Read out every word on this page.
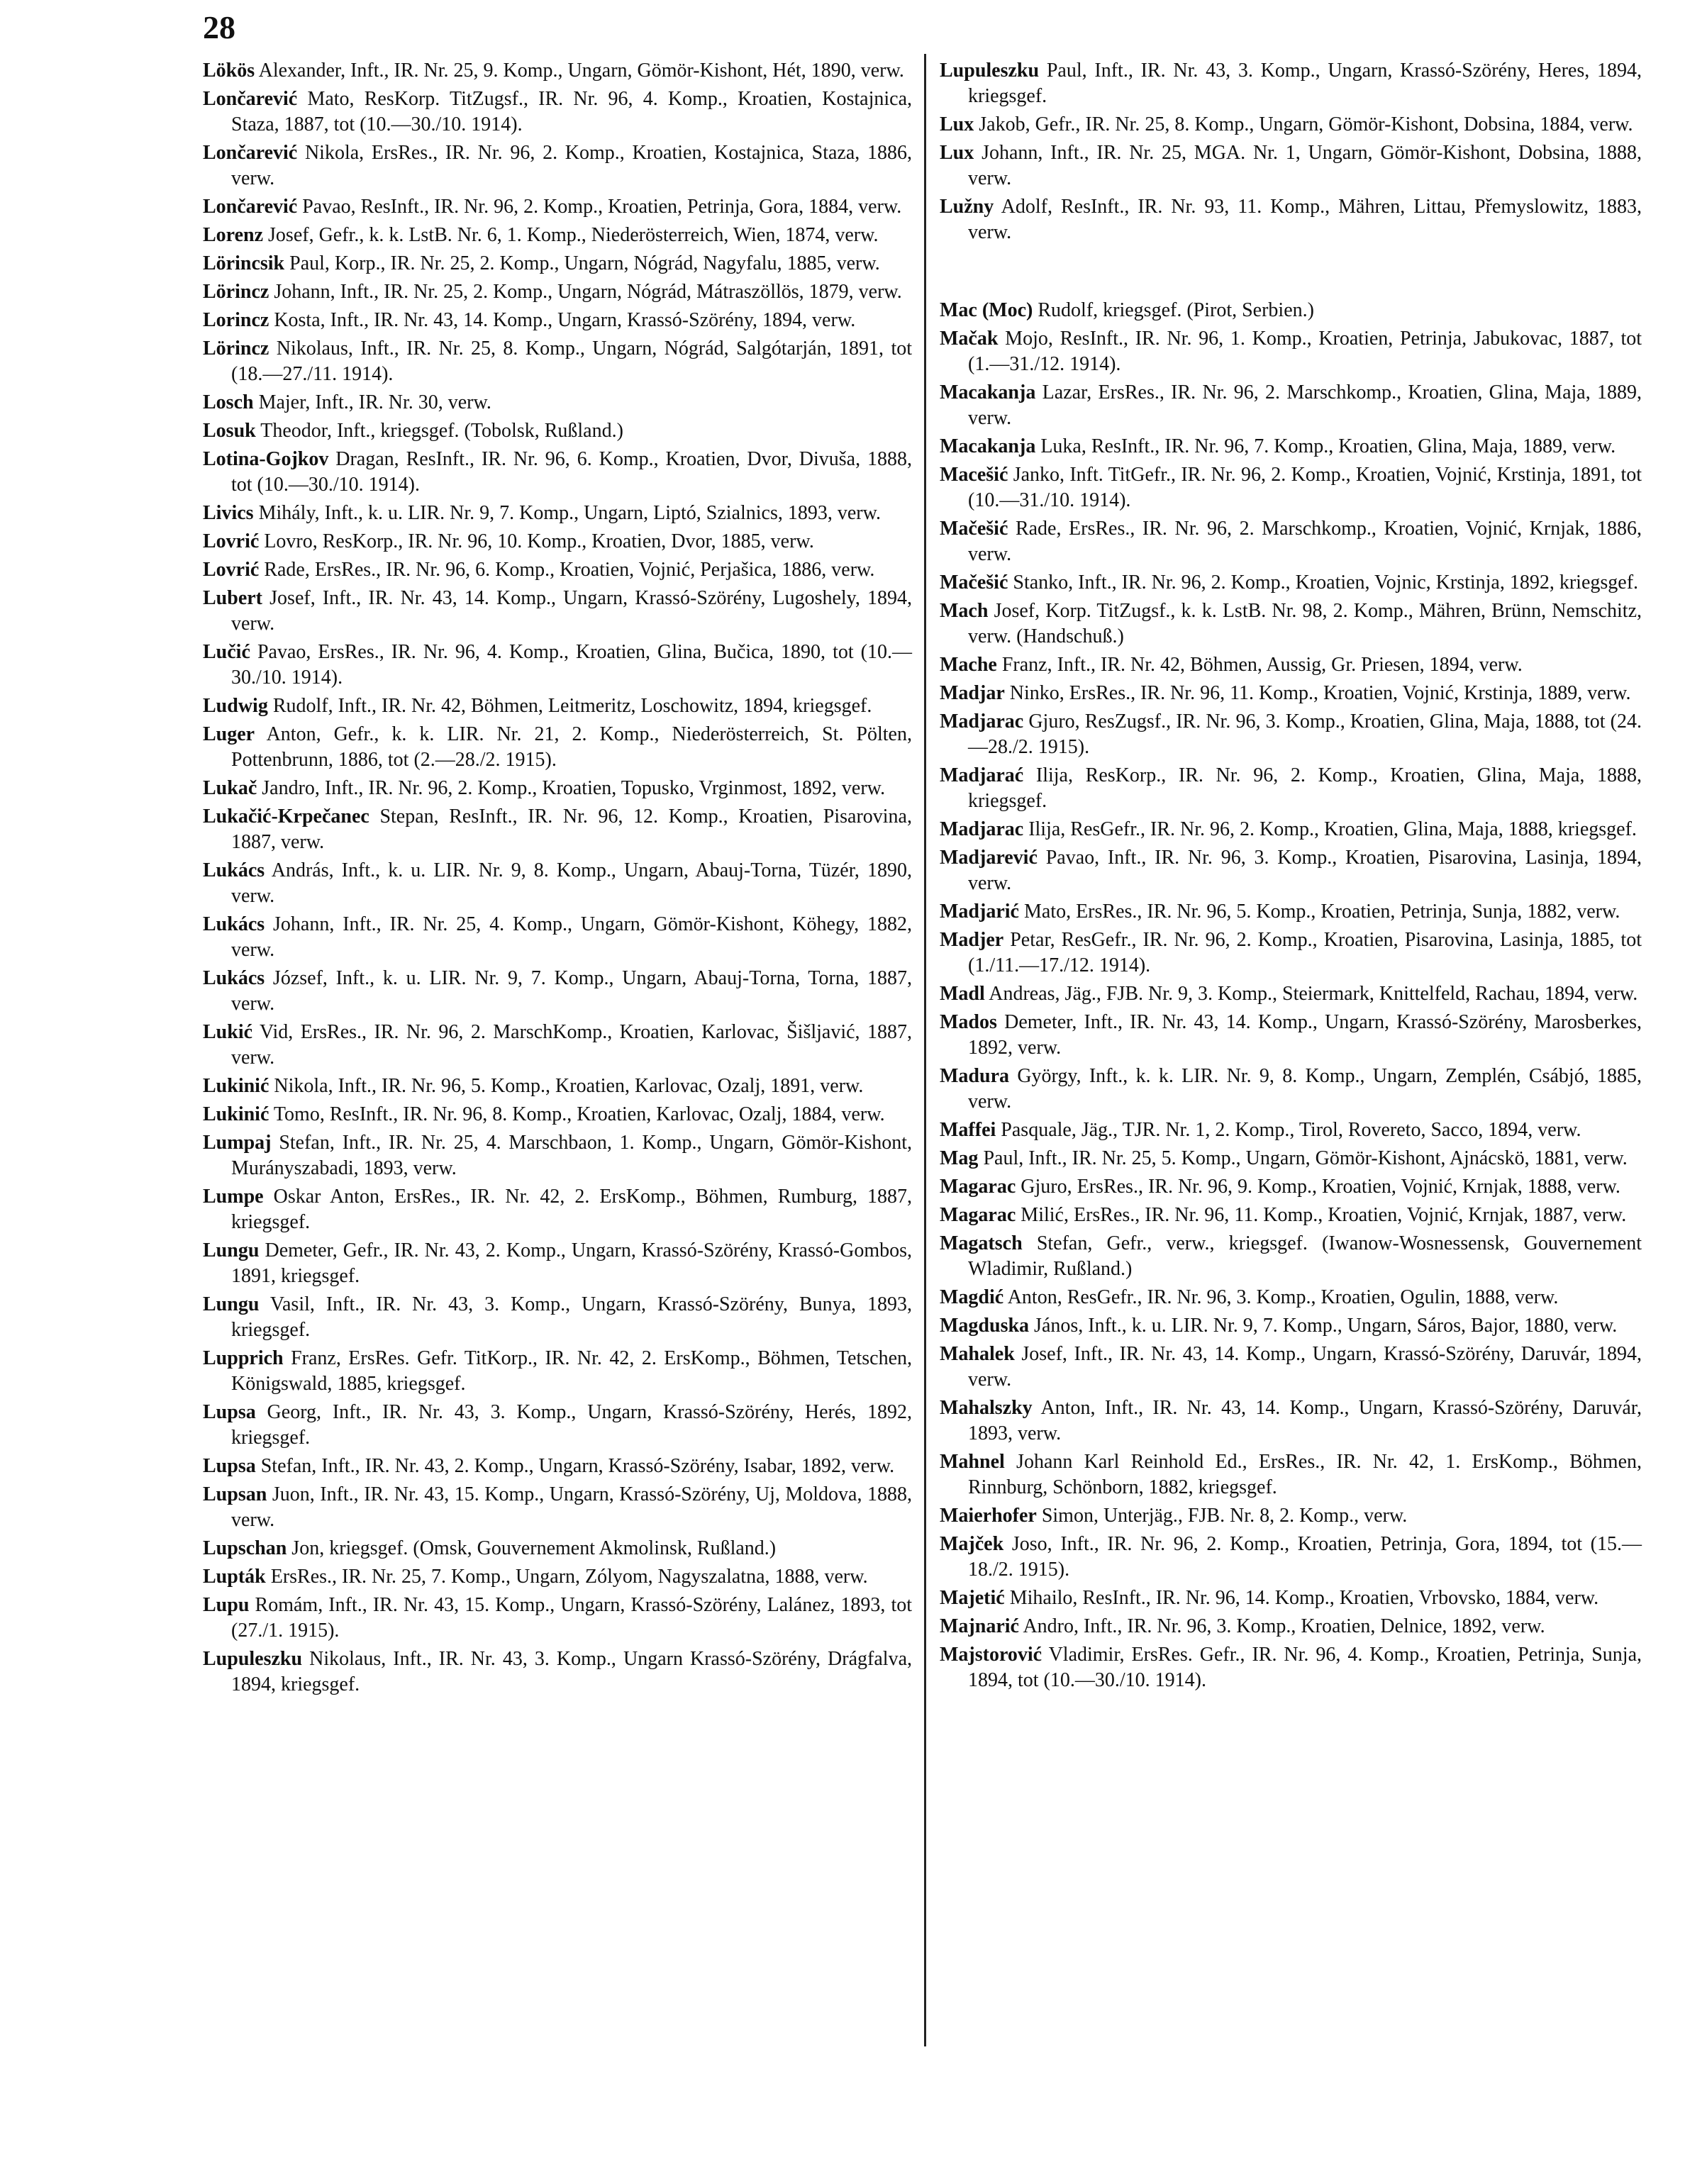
28

Lökös Alexander, Inft., IR. Nr. 25, 9. Komp., Ungarn, Gömör-Kishont, Hét, 1890, verw.

Lončarević Mato, ResKorp. TitZugsf., IR. Nr. 96, 4. Komp., Kroatien, Kostajnica, Staza, 1887, tot (10.—30./10. 1914).

Lončarević Nikola, ErsRes., IR. Nr. 96, 2. Komp., Kroatien, Kostajnica, Staza, 1886, verw.

Lončarević Pavao, ResInft., IR. Nr. 96, 2. Komp., Kroatien, Petrinja, Gora, 1884, verw.

Lorenz Josef, Gefr., k. k. LstB. Nr. 6, 1. Komp., Niederösterreich, Wien, 1874, verw.

Lörincsik Paul, Korp., IR. Nr. 25, 2. Komp., Ungarn, Nógrád, Nagyfalu, 1885, verw.

Lörincz Johann, Inft., IR. Nr. 25, 2. Komp., Ungarn, Nógrád, Mátraszöllös, 1879, verw.

Lorincz Kosta, Inft., IR. Nr. 43, 14. Komp., Ungarn, Krassó-Szörény, 1894, verw.

Lörincz Nikolaus, Inft., IR. Nr. 25, 8. Komp., Ungarn, Nógrád, Salgótarján, 1891, tot (18.—27./11. 1914).

Losch Majer, Inft., IR. Nr. 30, verw.

Losuk Theodor, Inft., kriegsgef. (Tobolsk, Rußland.)

Lotina-Gojkov Dragan, ResInft., IR. Nr. 96, 6. Komp., Kroatien, Dvor, Divuša, 1888, tot (10.—30./10. 1914).

Livics Mihály, Inft., k. u. LIR. Nr. 9, 7. Komp., Ungarn, Liptó, Szialnics, 1893, verw.

Lovrić Lovro, ResKorp., IR. Nr. 96, 10. Komp., Kroatien, Dvor, 1885, verw.

Lovrić Rade, ErsRes., IR. Nr. 96, 6. Komp., Kroatien, Vojnić, Perjašica, 1886, verw.

Lubert Josef, Inft., IR. Nr. 43, 14. Komp., Ungarn, Krassó-Szörény, Lugoshely, 1894, verw.

Lučić Pavao, ErsRes., IR. Nr. 96, 4. Komp., Kroatien, Glina, Bučica, 1890, tot (10.—30./10. 1914).

Ludwig Rudolf, Inft., IR. Nr. 42, Böhmen, Leitmeritz, Loschowitz, 1894, kriegsgef.

Luger Anton, Gefr., k. k. LIR. Nr. 21, 2. Komp., Niederösterreich, St. Pölten, Pottenbrunn, 1886, tot (2.—28./2. 1915).

Lukač Jandro, Inft., IR. Nr. 96, 2. Komp., Kroatien, Topusko, Vrginmost, 1892, verw.

Lukačić-Krpečanec Stepan, ResInft., IR. Nr. 96, 12. Komp., Kroatien, Pisarovina, 1887, verw.

Lukács András, Inft., k. u. LIR. Nr. 9, 8. Komp., Ungarn, Abauj-Torna, Tüzér, 1890, verw.

Lukács Johann, Inft., IR. Nr. 25, 4. Komp., Ungarn, Gömör-Kishont, Köhegy, 1882, verw.

Lukács József, Inft., k. u. LIR. Nr. 9, 7. Komp., Ungarn, Abauj-Torna, Torna, 1887, verw.

Lukić Vid, ErsRes., IR. Nr. 96, 2. MarschKomp., Kroatien, Karlovac, Šišljavić, 1887, verw.

Lukinić Nikola, Inft., IR. Nr. 96, 5. Komp., Kroatien, Karlovac, Ozalj, 1891, verw.

Lukinić Tomo, ResInft., IR. Nr. 96, 8. Komp., Kroatien, Karlovac, Ozalj, 1884, verw.

Lumpaj Stefan, Inft., IR. Nr. 25, 4. Marschbaon, 1. Komp., Ungarn, Gömör-Kishont, Murányszabadi, 1893, verw.

Lumpe Oskar Anton, ErsRes., IR. Nr. 42, 2. ErsKomp., Böhmen, Rumburg, 1887, kriegsgef.

Lungu Demeter, Gefr., IR. Nr. 43, 2. Komp., Ungarn, Krassó-Szörény, Krassó-Gombos, 1891, kriegsgef.

Lungu Vasil, Inft., IR. Nr. 43, 3. Komp., Ungarn, Krassó-Szörény, Bunya, 1893, kriegsgef.

Lupprich Franz, ErsRes. Gefr. TitKorp., IR. Nr. 42, 2. ErsKomp., Böhmen, Tetschen, Königswald, 1885, kriegsgef.

Lupsa Georg, Inft., IR. Nr. 43, 3. Komp., Ungarn, Krassó-Szörény, Herés, 1892, kriegsgef.

Lupsa Stefan, Inft., IR. Nr. 43, 2. Komp., Ungarn, Krassó-Szörény, Isabar, 1892, verw.

Lupsan Juon, Inft., IR. Nr. 43, 15. Komp., Ungarn, Krassó-Szörény, Uj, Moldova, 1888, verw.

Lupschan Jon, kriegsgef. (Omsk, Gouvernement Akmolinsk, Rußland.)

Lupták ErsRes., IR. Nr. 25, 7. Komp., Ungarn, Zólyom, Nagyszalatna, 1888, verw.

Lupu Romám, Inft., IR. Nr. 43, 15. Komp., Ungarn, Krassó-Szörény, Lalánez, 1893, tot (27./1. 1915).

Lupuleszku Nikolaus, Inft., IR. Nr. 43, 3. Komp., Ungarn Krassó-Szörény, Drágfalva, 1894, kriegsgef.

Lupuleszku Paul, Inft., IR. Nr. 43, 3. Komp., Ungarn, Krassó-Szörény, Heres, 1894, kriegsgef.

Lux Jakob, Gefr., IR. Nr. 25, 8. Komp., Ungarn, Gömör-Kishont, Dobsina, 1884, verw.

Lux Johann, Inft., IR. Nr. 25, MGA. Nr. 1, Ungarn, Gömör-Kishont, Dobsina, 1888, verw.

Lužny Adolf, ResInft., IR. Nr. 93, 11. Komp., Mähren, Littau, Přemyslowitz, 1883, verw.

Mac (Moc) Rudolf, kriegsgef. (Pirot, Serbien.)

Mačak Mojo, ResInft., IR. Nr. 96, 1. Komp., Kroatien, Petrinja, Jabukovac, 1887, tot (1.—31./12. 1914).

Macakanja Lazar, ErsRes., IR. Nr. 96, 2. Marschkomp., Kroatien, Glina, Maja, 1889, verw.

Macakanja Luka, ResInft., IR. Nr. 96, 7. Komp., Kroatien, Glina, Maja, 1889, verw.

Macešić Janko, Inft. TitGefr., IR. Nr. 96, 2. Komp., Kroatien, Vojnić, Krstinja, 1891, tot (10.—31./10. 1914).

Mačešić Rade, ErsRes., IR. Nr. 96, 2. Marschkomp., Kroatien, Vojnić, Krnjak, 1886, verw.

Mačešić Stanko, Inft., IR. Nr. 96, 2. Komp., Kroatien, Vojnic, Krstinja, 1892, kriegsgef.

Mach Josef, Korp. TitZugsf., k. k. LstB. Nr. 98, 2. Komp., Mähren, Brünn, Nemschitz, verw. (Handschuß.)

Mache Franz, Inft., IR. Nr. 42, Böhmen, Aussig, Gr. Priesen, 1894, verw.

Madjar Ninko, ErsRes., IR. Nr. 96, 11. Komp., Kroatien, Vojnić, Krstinja, 1889, verw.

Madjarac Gjuro, ResZugsf., IR. Nr. 96, 3. Komp., Kroatien, Glina, Maja, 1888, tot (24.—28./2. 1915).

Madjarać Ilija, ResKorp., IR. Nr. 96, 2. Komp., Kroatien, Glina, Maja, 1888, kriegsgef.

Madjarac Ilija, ResGefr., IR. Nr. 96, 2. Komp., Kroatien, Glina, Maja, 1888, kriegsgef.

Madjarević Pavao, Inft., IR. Nr. 96, 3. Komp., Kroatien, Pisarovina, Lasinja, 1894, verw.

Madjarić Mato, ErsRes., IR. Nr. 96, 5. Komp., Kroatien, Petrinja, Sunja, 1882, verw.

Madjer Petar, ResGefr., IR. Nr. 96, 2. Komp., Kroatien, Pisarovina, Lasinja, 1885, tot (1./11.—17./12. 1914).

Madl Andreas, Jäg., FJB. Nr. 9, 3. Komp., Steiermark, Knittelfeld, Rachau, 1894, verw.

Mados Demeter, Inft., IR. Nr. 43, 14. Komp., Ungarn, Krassó-Szörény, Marosberkes, 1892, verw.

Madura György, Inft., k. k. LIR. Nr. 9, 8. Komp., Ungarn, Zemplén, Csábjó, 1885, verw.

Maffei Pasquale, Jäg., TJR. Nr. 1, 2. Komp., Tirol, Rovereto, Sacco, 1894, verw.

Mag Paul, Inft., IR. Nr. 25, 5. Komp., Ungarn, Gömör-Kishont, Ajnácskö, 1881, verw.

Magarac Gjuro, ErsRes., IR. Nr. 96, 9. Komp., Kroatien, Vojnić, Krnjak, 1888, verw.

Magarac Milić, ErsRes., IR. Nr. 96, 11. Komp., Kroatien, Vojnić, Krnjak, 1887, verw.

Magatsch Stefan, Gefr., verw., kriegsgef. (Iwanow-Wosnessensk, Gouvernement Wladimir, Rußland.)

Magdić Anton, ResGefr., IR. Nr. 96, 3. Komp., Kroatien, Ogulin, 1888, verw.

Magduska János, Inft., k. u. LIR. Nr. 9, 7. Komp., Ungarn, Sáros, Bajor, 1880, verw.

Mahalek Josef, Inft., IR. Nr. 43, 14. Komp., Ungarn, Krassó-Szörény, Daruvár, 1894, verw.

Mahalszky Anton, Inft., IR. Nr. 43, 14. Komp., Ungarn, Krassó-Szörény, Daruvár, 1893, verw.

Mahnel Johann Karl Reinhold Ed., ErsRes., IR. Nr. 42, 1. ErsKomp., Böhmen, Rinnburg, Schönborn, 1882, kriegsgef.

Maierhofer Simon, Unterjäg., FJB. Nr. 8, 2. Komp., verw.

Majček Joso, Inft., IR. Nr. 96, 2. Komp., Kroatien, Petrinja, Gora, 1894, tot (15.—18./2. 1915).

Majetić Mihailo, ResInft., IR. Nr. 96, 14. Komp., Kroatien, Vrbovsko, 1884, verw.

Majnarić Andro, Inft., IR. Nr. 96, 3. Komp., Kroatien, Delnice, 1892, verw.

Majstorović Vladimir, ErsRes. Gefr., IR. Nr. 96, 4. Komp., Kroatien, Petrinja, Sunja, 1894, tot (10.—30./10. 1914).
